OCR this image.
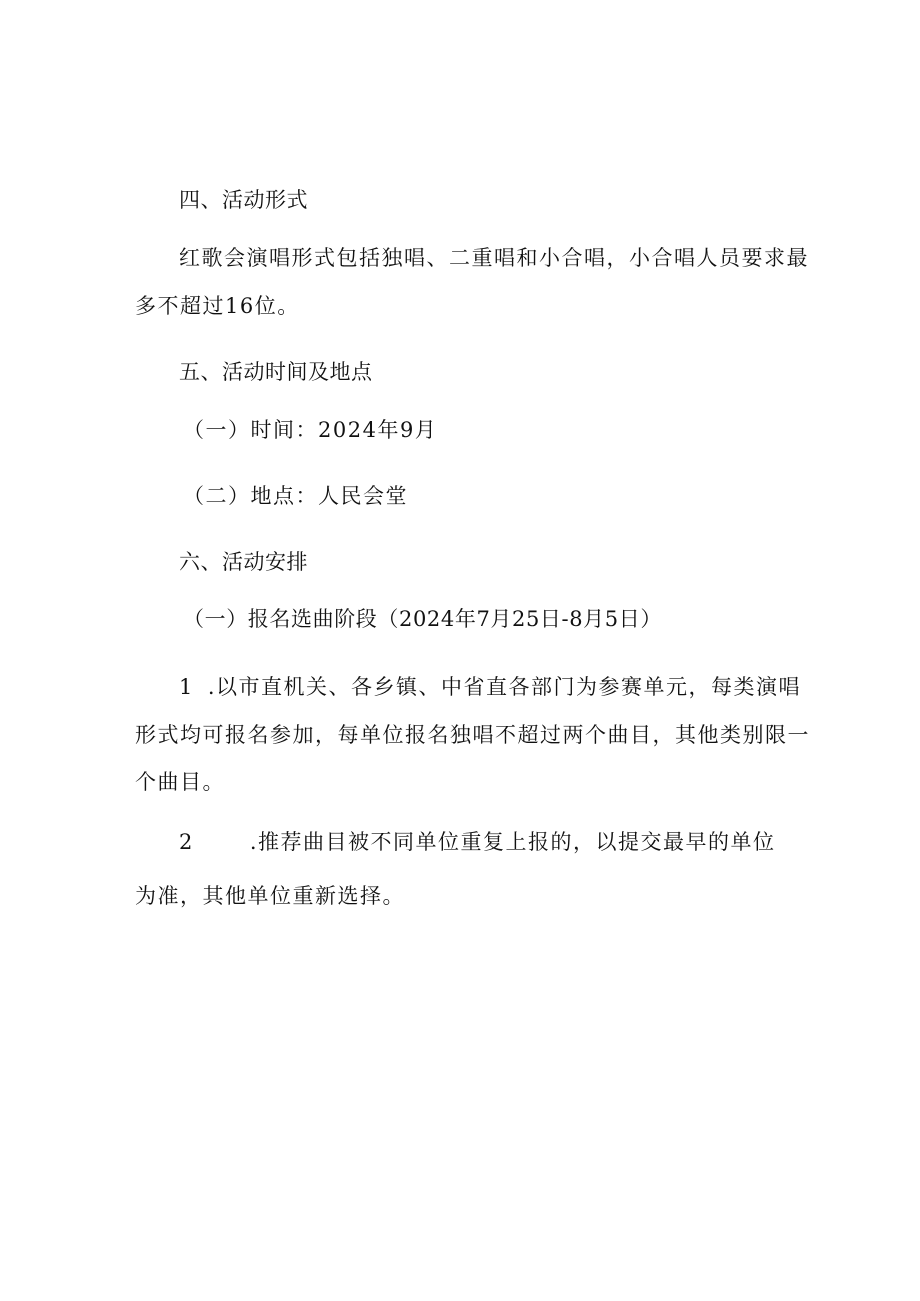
四、活动形式
红歌会演唱形式包括独唱、二重唱和小合唱，小合唱人员要求最
多不超过16位。
五、活动时间及地点
（一）时间：2024年9月
（二）地点：人民会堂
六、活动安排
（一）报名选曲阶段（2024年7月25日-8月5日）
1 .以市直机关、各乡镇、中省直各部门为参赛单元，每类演唱
形式均可报名参加，每单位报名独唱不超过两个曲目，其他类别限一
个曲目。
2	.推荐曲目被不同单位重复上报的，以提交最早的单位
为准，其他单位重新选择。
